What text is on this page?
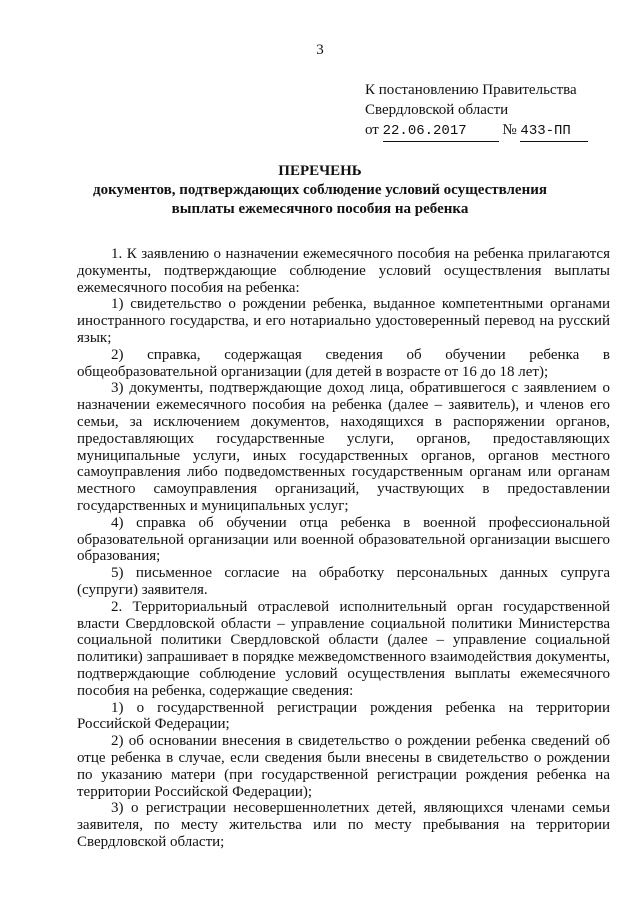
3
К постановлению Правительства
Свердловской области
от 22.06.2017 № 433-ПП
ПЕРЕЧЕНЬ
документов, подтверждающих соблюдение условий осуществления
выплаты ежемесячного пособия на ребенка

1. К заявлению о назначении ежемесячного пособия на ребенка прилагаются документы, подтверждающие соблюдение условий осуществления выплаты ежемесячного пособия на ребенка:

1) свидетельство о рождении ребенка, выданное компетентными органами иностранного государства, и его нотариально удостоверенный перевод на русский язык;

2) справка, содержащая сведения об обучении ребенка в общеобразовательной организации (для детей в возрасте от 16 до 18 лет);

3) документы, подтверждающие доход лица, обратившегося с заявлением о назначении ежемесячного пособия на ребенка (далее – заявитель), и членов его семьи, за исключением документов, находящихся в распоряжении органов, предоставляющих государственные услуги, органов, предоставляющих муниципальные услуги, иных государственных органов, органов местного самоуправления либо подведомственных государственным органам или органам местного самоуправления организаций, участвующих в предоставлении государственных и муниципальных услуг;

4) справка об обучении отца ребенка в военной профессиональной образовательной организации или военной образовательной организации высшего образования;

5) письменное согласие на обработку персональных данных супруга (супруги) заявителя.

2. Территориальный отраслевой исполнительный орган государственной власти Свердловской области – управление социальной политики Министерства социальной политики Свердловской области (далее – управление социальной политики) запрашивает в порядке межведомственного взаимодействия документы, подтверждающие соблюдение условий осуществления выплаты ежемесячного пособия на ребенка, содержащие сведения:

1) о государственной регистрации рождения ребенка на территории Российской Федерации;

2) об основании внесения в свидетельство о рождении ребенка сведений об отце ребенка в случае, если сведения были внесены в свидетельство о рождении по указанию матери (при государственной регистрации рождения ребенка на территории Российской Федерации);

3) о регистрации несовершеннолетних детей, являющихся членами семьи заявителя, по месту жительства или по месту пребывания на территории Свердловской области;
